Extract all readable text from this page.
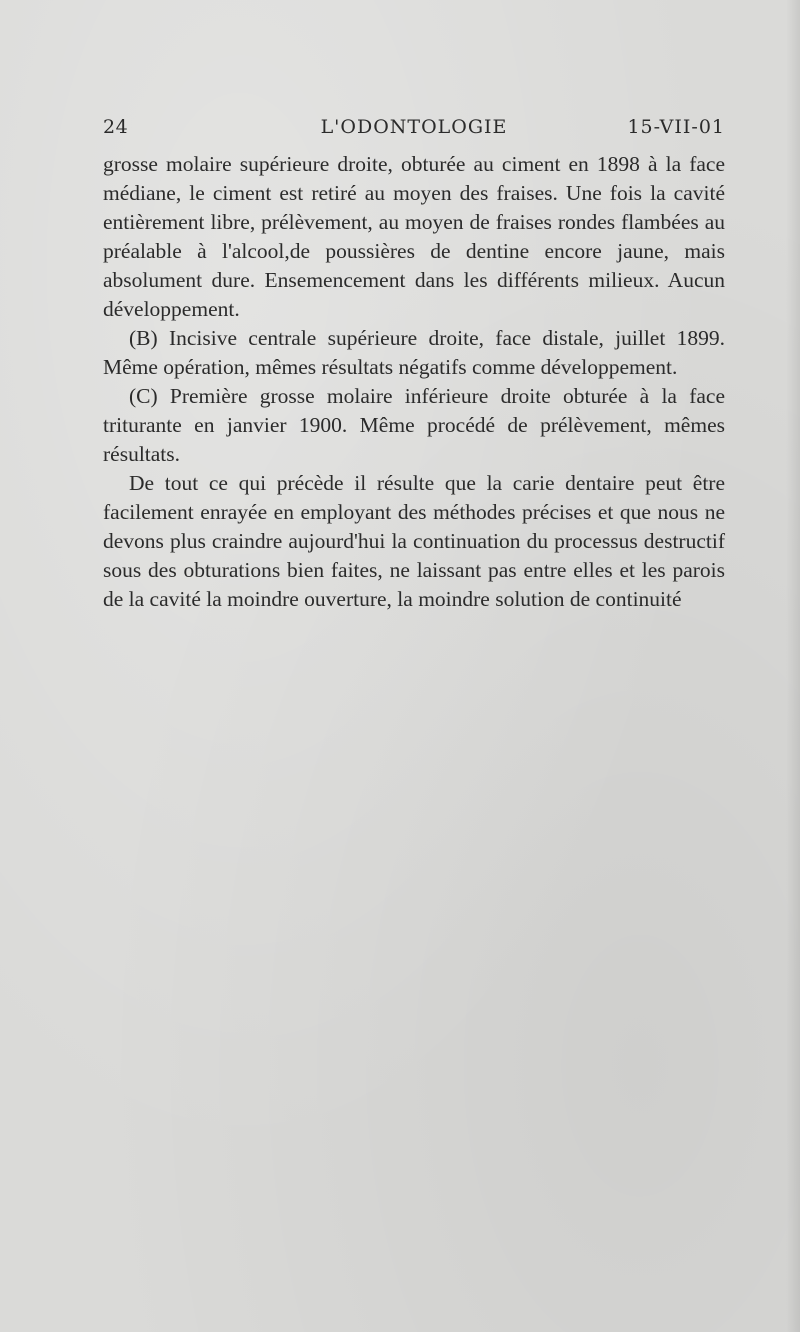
24	L'ODONTOLOGIE	15-VII-01

grosse molaire supérieure droite, obturée au ciment en 1898 à la face médiane, le ciment est retiré au moyen des fraises. Une fois la cavité entièrement libre, prélèvement, au moyen de fraises rondes flambées au préalable à l'alcool,de poussières de dentine encore jaune, mais absolument dure. Ensemencement dans les différents milieux. Aucun développement.

(B) Incisive centrale supérieure droite, face distale, juillet 1899. Même opération, mêmes résultats négatifs comme développement.

(C) Première grosse molaire inférieure droite obturée à la face triturante en janvier 1900. Même procédé de prélèvement, mêmes résultats.

De tout ce qui précède il résulte que la carie dentaire peut être facilement enrayée en employant des méthodes précises et que nous ne devons plus craindre aujourd'hui la continuation du processus destructif sous des obturations bien faites, ne laissant pas entre elles et les parois de la cavité la moindre ouverture, la moindre solution de continuité
